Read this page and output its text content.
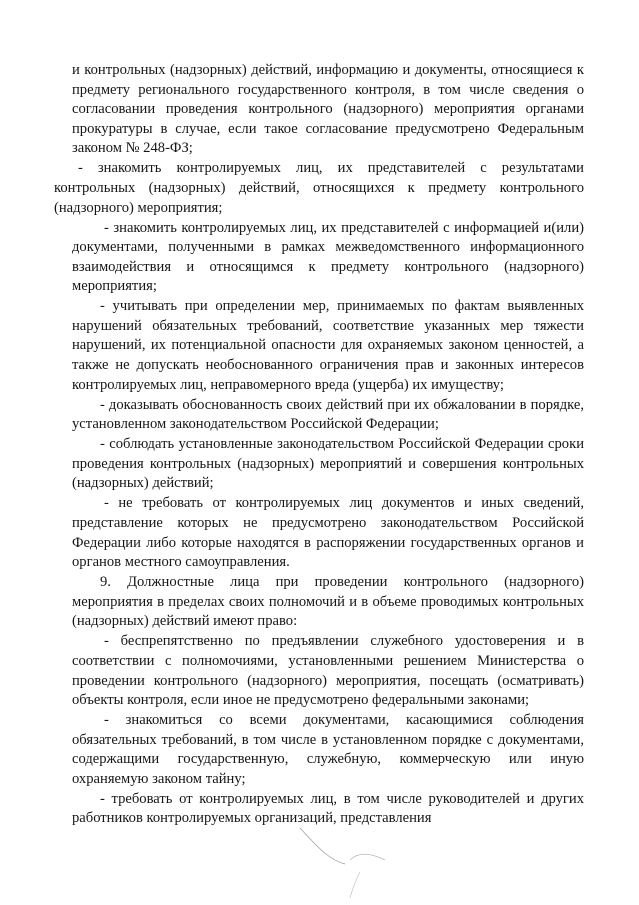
и контрольных (надзорных) действий, информацию и документы, относящиеся к предмету регионального государственного контроля, в том числе сведения о согласовании проведения контрольного (надзорного) мероприятия органами прокуратуры в случае, если такое согласование предусмотрено Федеральным законом № 248-ФЗ;

- знакомить контролируемых лиц, их представителей с результатами контрольных (надзорных) действий, относящихся к предмету контрольного (надзорного) мероприятия;

- знакомить контролируемых лиц, их представителей с информацией и(или) документами, полученными в рамках межведомственного информационного взаимодействия и относящимся к предмету контрольного (надзорного) мероприятия;

- учитывать при определении мер, принимаемых по фактам выявленных нарушений обязательных требований, соответствие указанных мер тяжести нарушений, их потенциальной опасности для охраняемых законом ценностей, а также не допускать необоснованного ограничения прав и законных интересов контролируемых лиц, неправомерного вреда (ущерба) их имуществу;

- доказывать обоснованность своих действий при их обжаловании в порядке, установленном законодательством Российской Федерации;

- соблюдать установленные законодательством Российской Федерации сроки проведения контрольных (надзорных) мероприятий и совершения контрольных (надзорных) действий;

- не требовать от контролируемых лиц документов и иных сведений, представление которых не предусмотрено законодательством Российской Федерации либо которые находятся в распоряжении государственных органов и органов местного самоуправления.

9. Должностные лица при проведении контрольного (надзорного) мероприятия в пределах своих полномочий и в объеме проводимых контрольных (надзорных) действий имеют право:

- беспрепятственно по предъявлении служебного удостоверения и в соответствии с полномочиями, установленными решением Министерства о проведении контрольного (надзорного) мероприятия, посещать (осматривать) объекты контроля, если иное не предусмотрено федеральными законами;

- знакомиться со всеми документами, касающимися соблюдения обязательных требований, в том числе в установленном порядке с документами, содержащими государственную, служебную, коммерческую или иную охраняемую законом тайну;

- требовать от контролируемых лиц, в том числе руководителей и других работников контролируемых организаций, представления
